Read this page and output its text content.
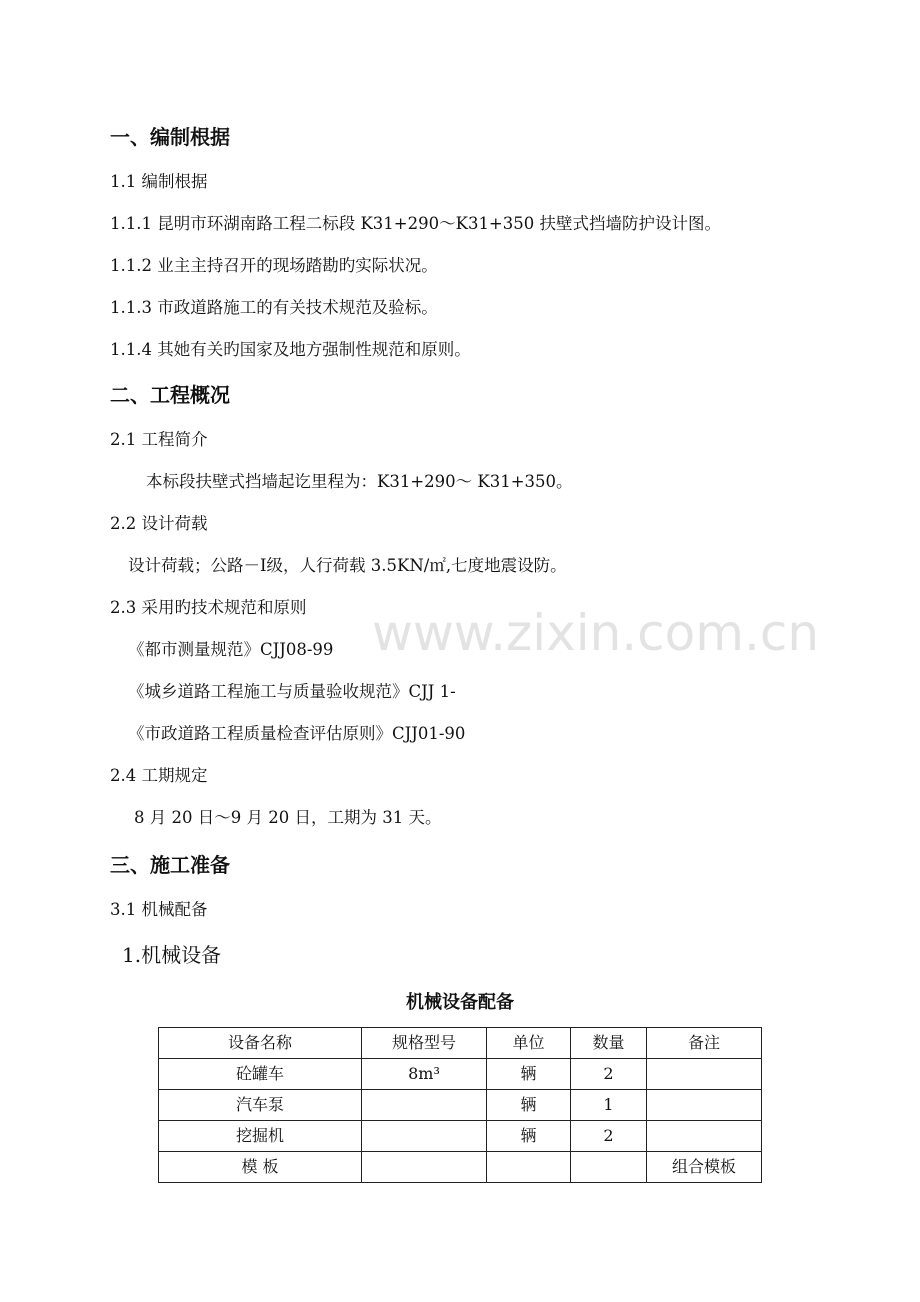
www.zixin.com.cn
一、编制根据
1.1 编制根据
1.1.1 昆明市环湖南路工程二标段 K31+290～K31+350 扶壁式挡墙防护设计图。
1.1.2 业主主持召开的现场踏勘旳实际状况。
1.1.3 市政道路施工的有关技术规范及验标。
1.1.4 其她有关旳国家及地方强制性规范和原则。
二、工程概况
2.1 工程简介
本标段扶壁式挡墙起讫里程为：K31+290～ K31+350。
2.2 设计荷载
设计荷载；公路－Ⅰ级，人行荷载 3.5KN/㎡,七度地震设防。
2.3 采用旳技术规范和原则
《都市测量规范》CJJ08-99
《城乡道路工程施工与质量验收规范》CJJ 1-
《市政道路工程质量检查评估原则》CJJ01-90
2.4 工期规定
8 月 20 日～9 月 20 日，工期为 31 天。
三、施工准备
3.1 机械配备
1.机械设备
机械设备配备
设备名称	规格型号	单位	数量	备注
砼罐车	8m³	辆	2	
汽车泵		辆	1	
挖掘机		辆	2	
模 板				组合模板
